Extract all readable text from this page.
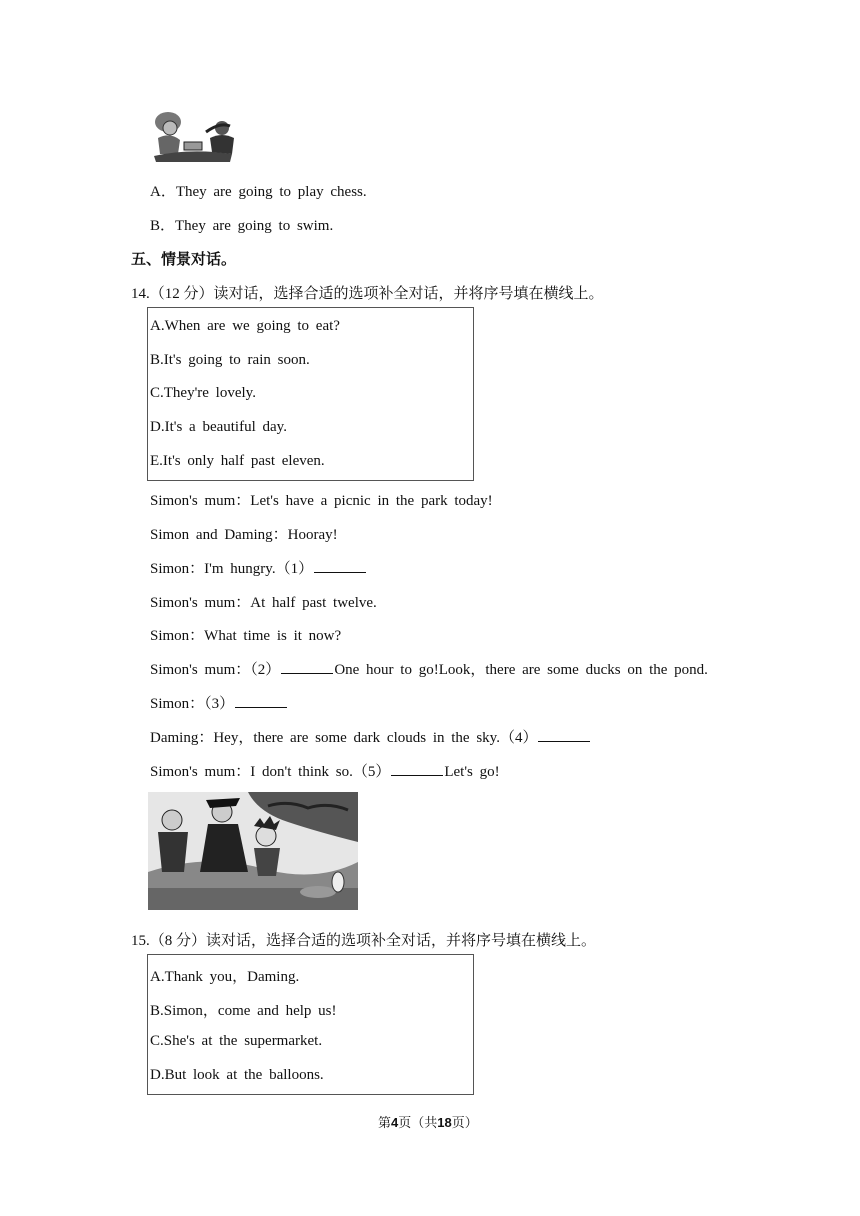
A．They are going to play chess.
B．They are going to swim.
五、情景对话。
14.（12 分）读对话，选择合适的选项补全对话，并将序号填在横线上。
A.When are we going to eat?
B.It's going to rain soon.
C.They're lovely.
D.It's a beautiful day.
E.It's only half past eleven.
Simon's mum：Let's have a picnic in the park today!
Simon and Daming：Hooray!
Simon：I'm hungry.（1）
Simon's mum：At half past twelve.
Simon：What time is it now?
Simon's mum：（2）	One hour to go!Look，there are some ducks on the pond.
Simon：（3）
Daming：Hey，there are some dark clouds in the sky.（4）
Simon's mum：I don't think so.（5）	Let's go!
15.（8 分）读对话，选择合适的选项补全对话，并将序号填在横线上。
A.Thank you，Daming.
B.Simon，come and help us!
C.She's at the supermarket.
D.But look at the balloons.
第4页（共18页）
